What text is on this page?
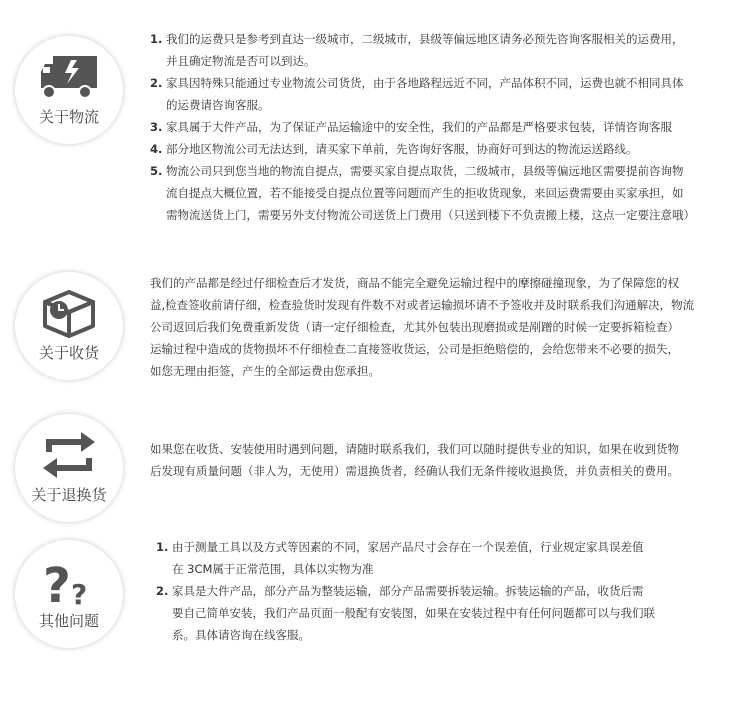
关于物流
1. 我们的运费只是参考到直达一级城市，二级城市，县级等偏远地区请务必预先咨询客服相关的运费用，
并且确定物流是否可以到达。
2. 家具因特殊只能通过专业物流公司货货，由于各地路程远近不同，产品体积不同，运费也就不相同具体
的运费请咨询客服。
3. 家具属于大件产品，为了保证产品运输途中的安全性，我们的产品都是严格要求包装，详情咨询客服
4. 部分地区物流公司无法达到，请买家下单前，先咨询好客服，协商好可到达的物流运送路线。
5. 物流公司只到您当地的物流自提点，需要买家自提点取货，二级城市，县级等偏远地区需要提前咨询物
流自提点大概位置，若不能接受自提点位置等问题而产生的拒收货现象，来回运费需要由买家承担，如
需物流送货上门，需要另外支付物流公司送货上门费用（只送到楼下不负责搬上楼，这点一定要注意哦）
关于收货

我们的产品都是经过仔细检查后才发货，商品不能完全避免运输过程中的摩擦碰撞现象，为了保障您的权

益,检查签收前请仔细，检查验货时发现有件数不对或者运输损坏请不予签收并及时联系我们沟通解决，物流

公司返回后我们免费重新发货（请一定仔细检查，尤其外包装出现磨损或是剐蹭的时候一定要拆箱检查）

运输过程中造成的货物损坏不仔细检查二直接签收货运，公司是拒绝赔偿的，会给您带来不必要的损失，

如您无理由拒签，产生的全部运费由您承担。

关于退换货

如果您在收货、安装使用时遇到问题，请随时联系我们，我们可以随时提供专业的知识，如果在收到货物

后发现有质量问题（非人为，无使用）需退换货者，经确认我们无条件接收退换货，并负责相关的费用。

? ?
其他问题
1. 由于测量工具以及方式等因素的不同，家居产品尺寸会存在一个误差值，行业规定家具误差值
在 3CM属于正常范围，具体以实物为准
2. 家具是大件产品，部分产品为整装运输，部分产品需要拆装运输。拆装运输的产品，收货后需
要自己简单安装，我们产品页面一般配有安装图，如果在安装过程中有任何问题都可以与我们联
系。具体请咨询在线客服。
